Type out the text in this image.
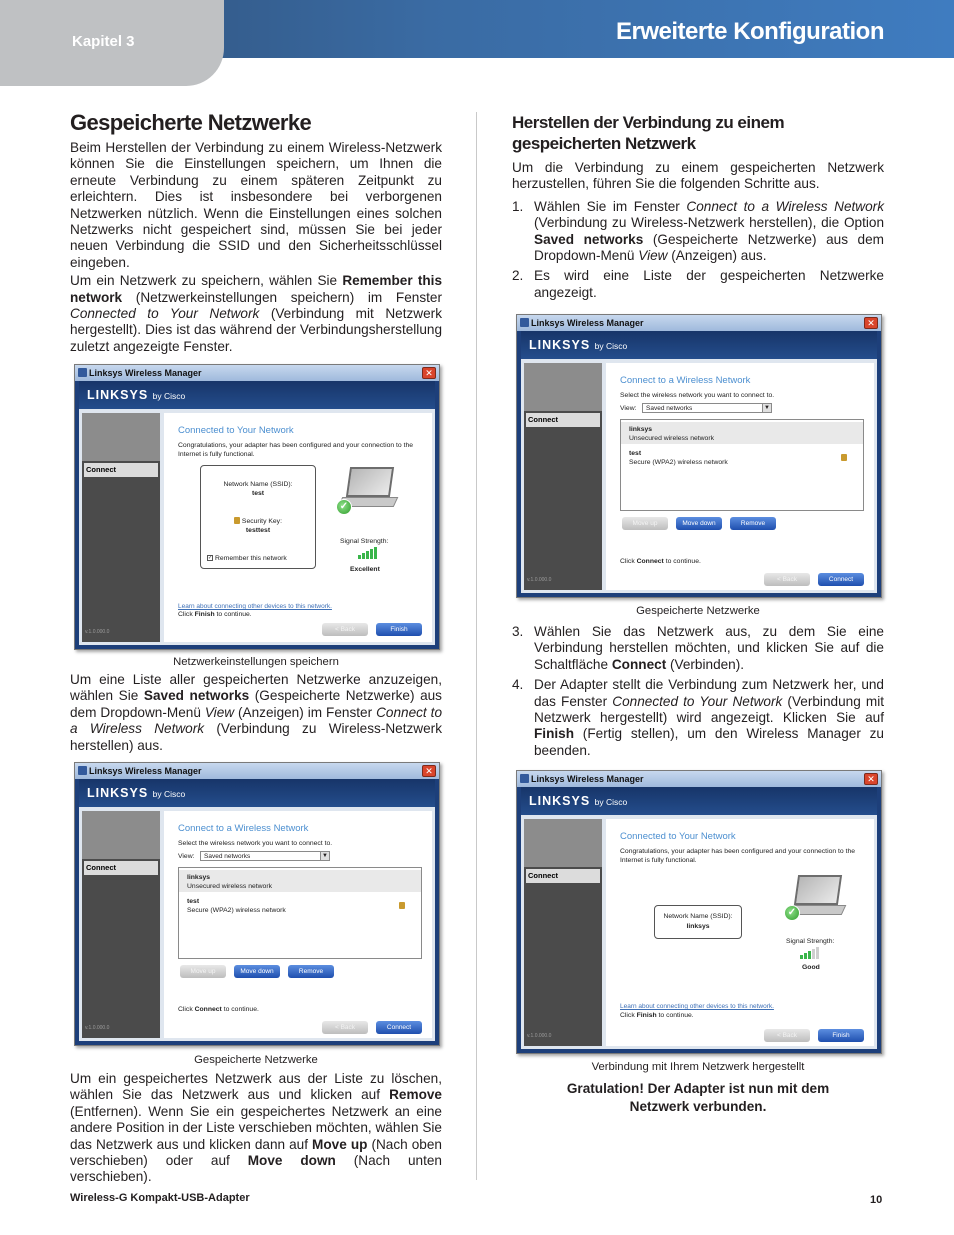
Kapitel 3	Erweiterte Konfiguration
Gespeicherte Netzwerke

Beim Herstellen der Verbindung zu einem Wireless-Netzwerk können Sie die Einstellungen speichern, um Ihnen die erneute Verbindung zu einem späteren Zeitpunkt zu erleichtern. Dies ist insbesondere bei verborgenen Netzwerken nützlich. Wenn die Einstellungen eines solchen Netzwerks nicht gespeichert sind, müssen Sie bei jeder neuen Verbindung die SSID und den Sicherheitsschlüssel eingeben.

Um ein Netzwerk zu speichern, wählen Sie Remember this network (Netzwerkeinstellungen speichern) im Fenster Connected to Your Network (Verbindung mit Netzwerk hergestellt). Dies ist das während der Verbindungsherstellung zuletzt angezeigte Fenster.

Linksys Wireless Manager	✕
LINKSYS by Cisco
Connect
v.1.0.000.0
Connected to Your Network
Congratulations, your adapter has been configured and your connection to the Internet is fully functional.
Network Name (SSID):
test
Security Key:
testtest
✓ Remember this network
✓
Signal Strength:
Excellent
Learn about connecting other devices to this network.
Click Finish to continue.
< Back	Finish
Netzwerkeinstellungen speichern

Um eine Liste aller gespeicherten Netzwerke anzuzeigen, wählen Sie Saved networks (Gespeicherte Netzwerke) aus dem Dropdown-Menü View (Anzeigen) im Fenster Connect to a Wireless Network (Verbindung zu Wireless-Netzwerk herstellen) aus.

Linksys Wireless Manager	✕
LINKSYS by Cisco
Connect
v.1.0.000.0
Connect to a Wireless Network
Select the wireless network you want to connect to.
View:	Saved networks	▼
linksys
Unsecured wireless network
test
Secure (WPA2) wireless network
Move up	Move down	Remove
Click Connect to continue.
< Back	Connect
Gespeicherte Netzwerke

Um ein gespeichertes Netzwerk aus der Liste zu löschen, wählen Sie das Netzwerk aus und klicken auf Remove (Entfernen). Wenn Sie ein gespeichertes Netzwerk an eine andere Position in der Liste verschieben möchten, wählen Sie das Netzwerk aus und klicken dann auf Move up (Nach oben verschieben) oder auf Move down (Nach unten verschieben).

Herstellen der Verbindung zu einem gespeicherten Netzwerk

Um die Verbindung zu einem gespeicherten Netzwerk herzustellen, führen Sie die folgenden Schritte aus.

1. Wählen Sie im Fenster Connect to a Wireless Network (Verbindung zu Wireless-Netzwerk herstellen), die Option Saved networks (Gespeicherte Netzwerke) aus dem Dropdown-Menü View (Anzeigen) aus.
2. Es wird eine Liste der gespeicherten Netzwerke angezeigt.
Linksys Wireless Manager	✕
LINKSYS by Cisco
Connect
v.1.0.000.0
Connect to a Wireless Network
Select the wireless network you want to connect to.
View:	Saved networks	▼
linksys
Unsecured wireless network
test
Secure (WPA2) wireless network
Move up	Move down	Remove
Click Connect to continue.
< Back	Connect
Gespeicherte Netzwerke
3. Wählen Sie das Netzwerk aus, zu dem Sie eine Verbindung herstellen möchten, und klicken Sie auf die Schaltfläche Connect (Verbinden).
4. Der Adapter stellt die Verbindung zum Netzwerk her, und das Fenster Connected to Your Network (Verbindung mit Netzwerk hergestellt) wird angezeigt. Klicken Sie auf Finish (Fertig stellen), um den Wireless Manager zu beenden.
Linksys Wireless Manager	✕
LINKSYS by Cisco
Connect
v.1.0.000.0
Connected to Your Network
Congratulations, your adapter has been configured and your connection to the Internet is fully functional.
Network Name (SSID):
linksys
✓
Signal Strength:
Good
Learn about connecting other devices to this network.
Click Finish to continue.
< Back	Finish
Verbindung mit Ihrem Netzwerk hergestellt
Gratulation! Der Adapter ist nun mit dem Netzwerk verbunden.
Wireless-G Kompakt-USB-Adapter	10
